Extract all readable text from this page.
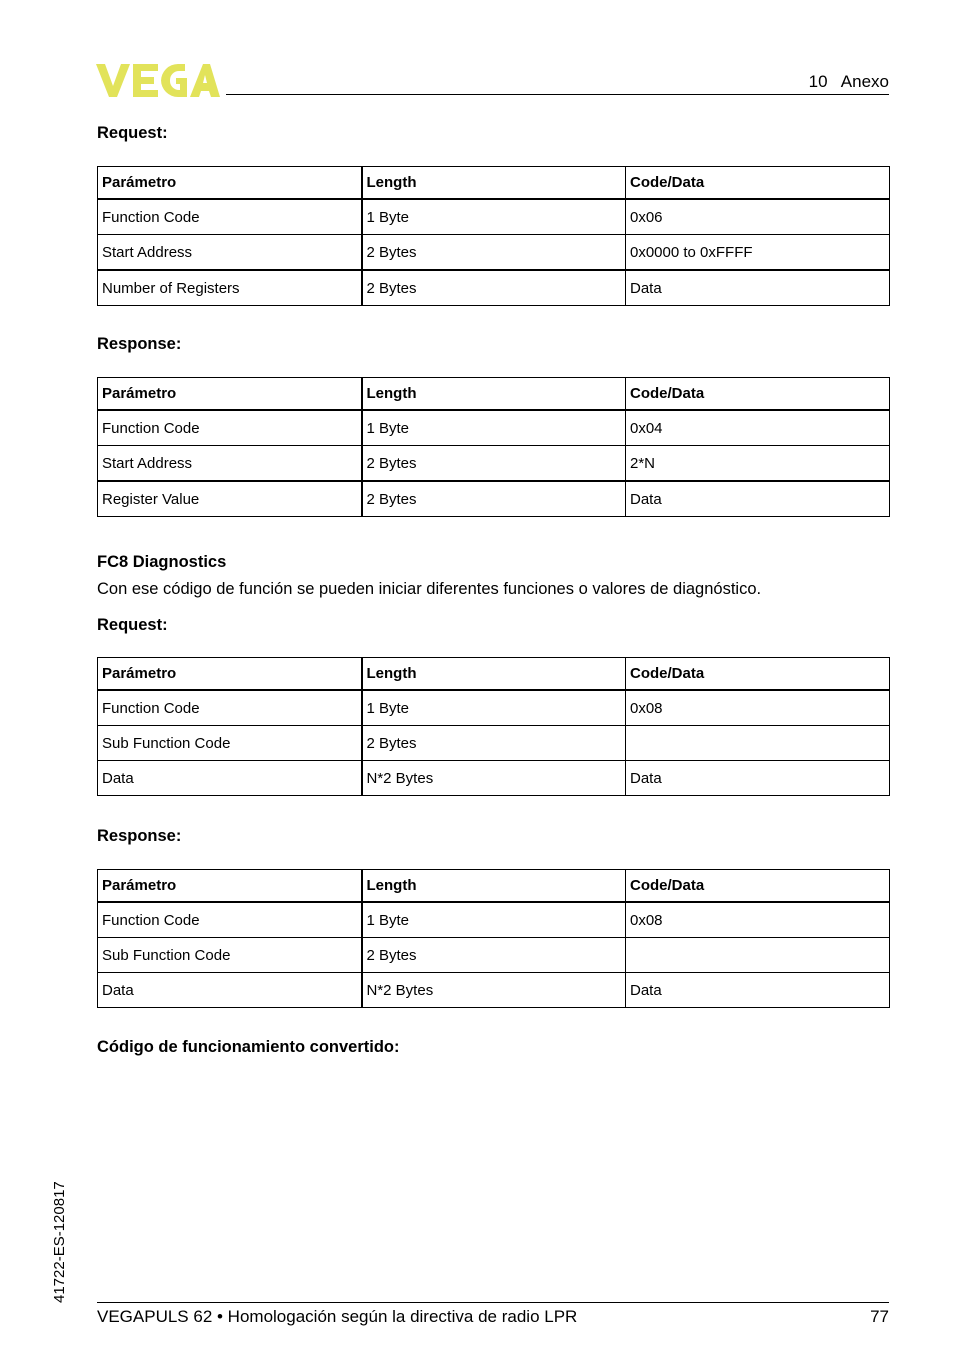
10   Anexo
Request:
Parámetro	Length	Code/Data
Function Code	1 Byte	0x06
Start Address	2 Bytes	0x0000 to 0xFFFF
Number of Registers	2 Bytes	Data
Response:
Parámetro	Length	Code/Data
Function Code	1 Byte	0x04
Start Address	2 Bytes	2*N
Register Value	2 Bytes	Data
FC8 Diagnostics
Con ese código de función se pueden iniciar diferentes funciones o valores de diagnóstico.
Request:
Parámetro	Length	Code/Data
Function Code	1 Byte	0x08
Sub Function Code	2 Bytes	
Data	N*2 Bytes	Data
Response:
Parámetro	Length	Code/Data
Function Code	1 Byte	0x08
Sub Function Code	2 Bytes	
Data	N*2 Bytes	Data
Código de funcionamiento convertido:
41722-ES-120817
VEGAPULS 62 • Homologación según la directiva de radio LPR	77
